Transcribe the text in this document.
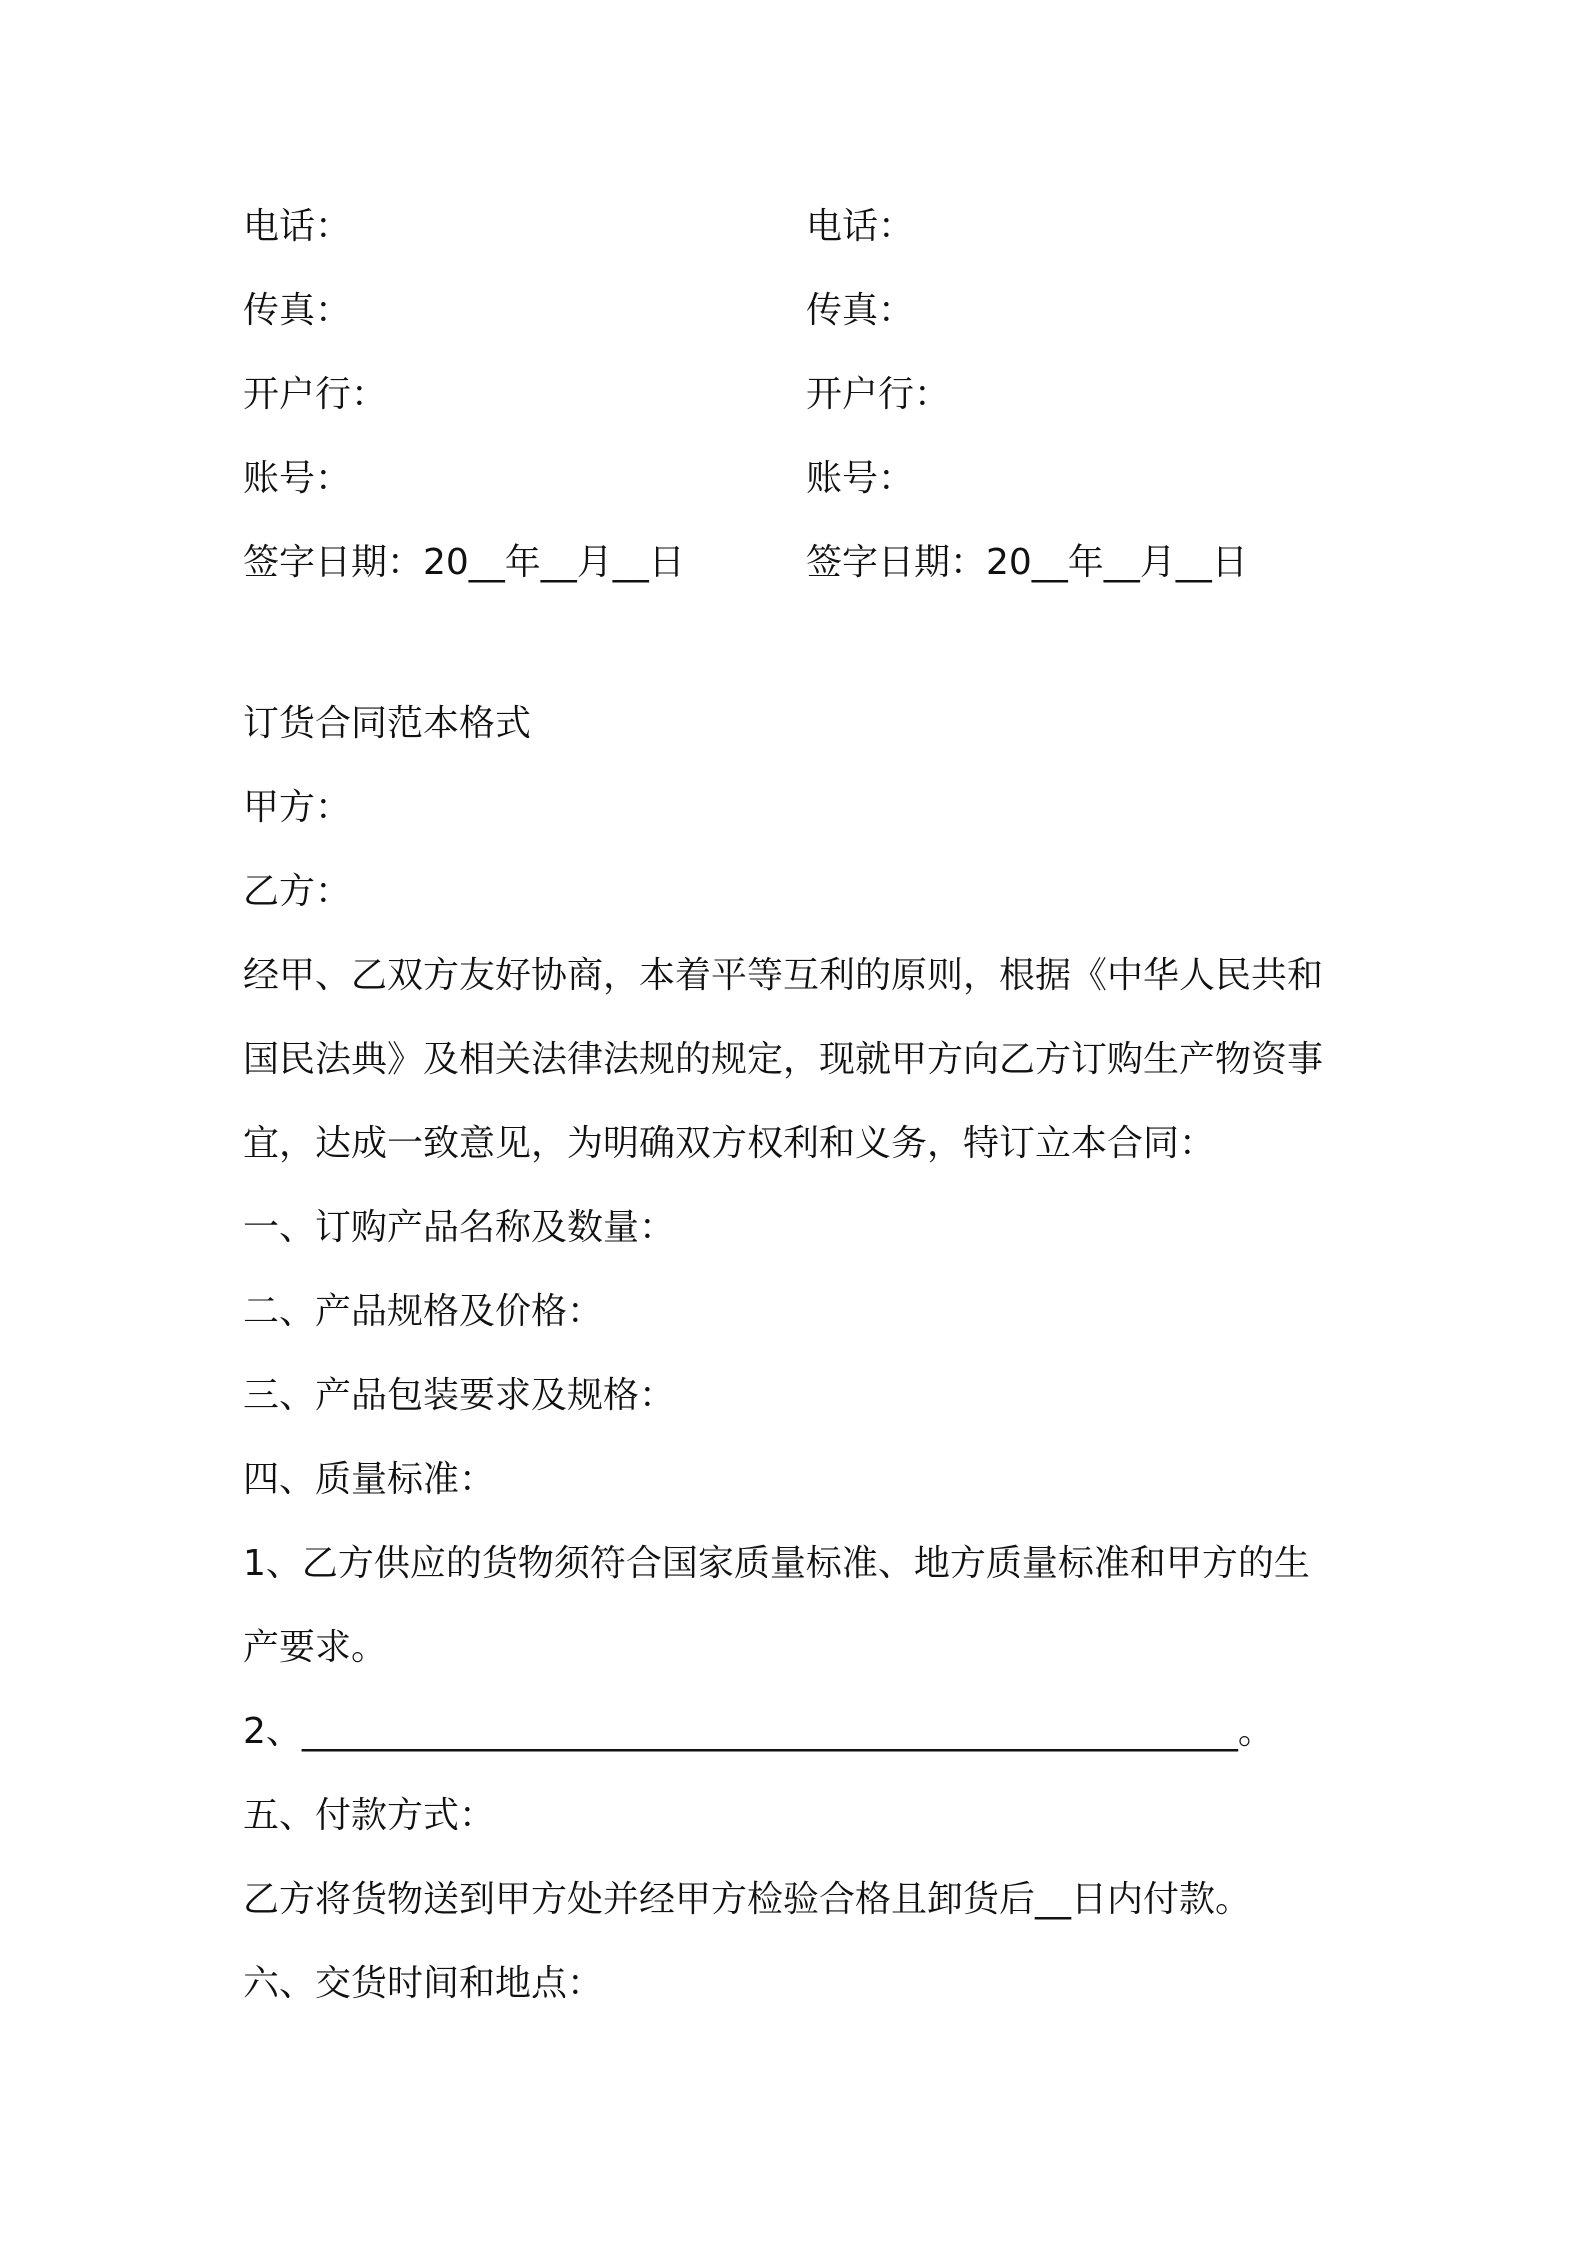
电话：
传真：
开户行：
账号：
签字日期：20__年__月__日
电话：
传真：
开户行：
账号：
签字日期：20__年__月__日
订货合同范本格式
甲方：
乙方：
经甲、乙双方友好协商，本着平等互利的原则，根据《中华人民共和
国民法典》及相关法律法规的规定，现就甲方向乙方订购生产物资事
宜，达成一致意见，为明确双方权利和义务，特订立本合同：
一、订购产品名称及数量：
二、产品规格及价格：
三、产品包装要求及规格：
四、质量标准：
1、乙方供应的货物须符合国家质量标准、地方质量标准和甲方的生
产要求。
2、____________________________________________________。
五、付款方式：
乙方将货物送到甲方处并经甲方检验合格且卸货后__日内付款。
六、交货时间和地点：
